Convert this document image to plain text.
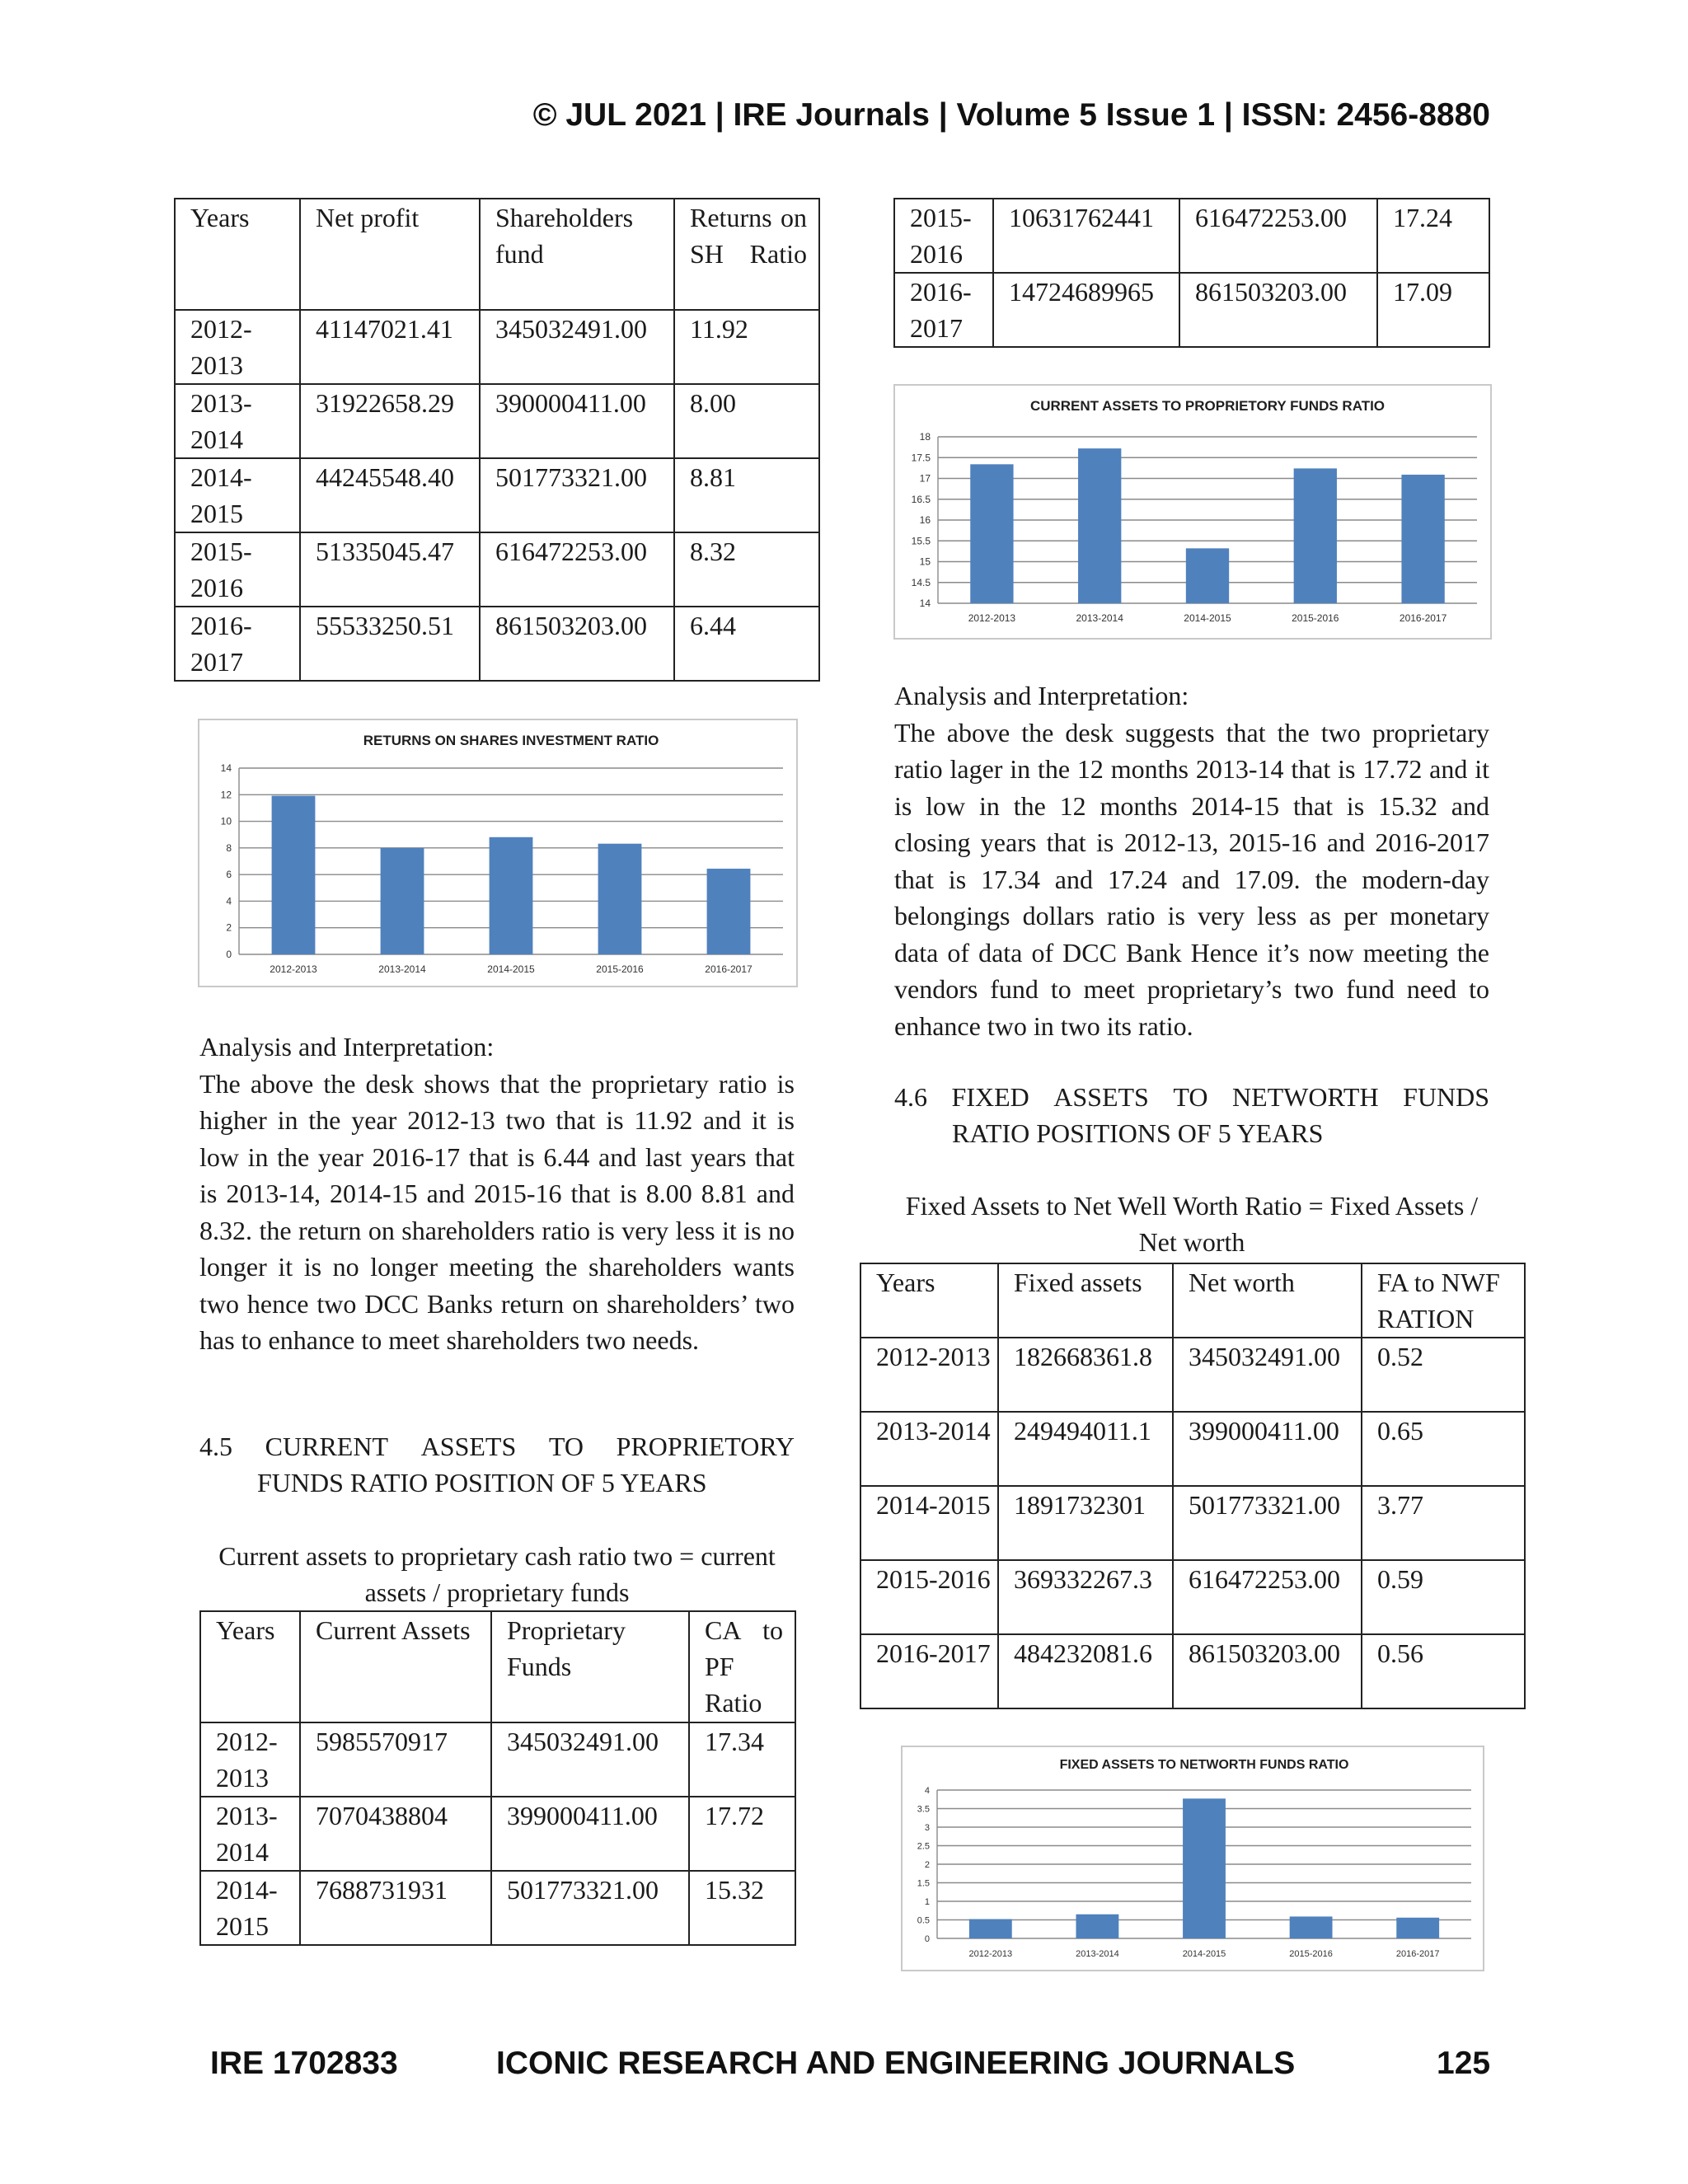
© JUL 2021 | IRE Journals | Volume 5 Issue 1 | ISSN: 2456-8880
Years	Net profit	Shareholders fund	Returns on SH Ratio
2012-2013	41147021.41	345032491.00	11.92
2013-2014	31922658.29	390000411.00	8.00
2014-2015	44245548.40	501773321.00	8.81
2015-2016	51335045.47	616472253.00	8.32
2016-2017	55533250.51	861503203.00	6.44
RETURNS ON SHARES INVESTMENT RATIO
0
2
4
6
8
10
12
14
2012-2013	2013-2014	2014-2015	2015-2016	2016-2017
Analysis and Interpretation:
The above the desk shows that the proprietary ratio is higher in the year 2012-13 two that is 11.92 and it is low in the year 2016-17 that is 6.44 and last years that is 2013-14, 2014-15 and 2015-16 that is 8.00 8.81 and 8.32. the return on shareholders ratio is very less it is no longer it is no longer meeting the shareholders wants two hence two DCC Banks return on shareholders’ two has to enhance to meet shareholders two needs.
4.5 CURRENT ASSETS TO PROPRIETORY
FUNDS RATIO POSITION OF 5 YEARS
Current assets to proprietary cash ratio two = current assets / proprietary funds
Years	Current Assets	Proprietary Funds	CA to PF Ratio
2012-2013	5985570917	345032491.00	17.34
2013-2014	7070438804	399000411.00	17.72
2014-2015	7688731931	501773321.00	15.32
2015-2016	10631762441	616472253.00	17.24
2016-2017	14724689965	861503203.00	17.09
CURRENT ASSETS TO PROPRIETORY FUNDS RATIO
14
14.5
15
15.5
16
16.5
17
17.5
18
2012-2013	2013-2014	2014-2015	2015-2016	2016-2017
Analysis and Interpretation:
The above the desk suggests that the two proprietary ratio lager in the 12 months 2013-14 that is 17.72 and it is low in the 12 months 2014-15 that is 15.32 and closing years that is 2012-13, 2015-16 and 2016-2017 that is 17.34 and 17.24 and 17.09. the modern-day belongings dollars ratio is very less as per monetary data of data of DCC Bank Hence it’s now meeting the vendors fund to meet proprietary’s two fund need to enhance two in two its ratio.
4.6 FIXED ASSETS TO NETWORTH FUNDS
RATIO POSITIONS OF 5 YEARS
Fixed Assets to Net Well Worth Ratio = Fixed Assets / Net worth
Years	Fixed assets	Net worth	FA to NWF RATION
2012-2013	182668361.8	345032491.00	0.52
2013-2014	249494011.1	399000411.00	0.65
2014-2015	1891732301	501773321.00	3.77
2015-2016	369332267.3	616472253.00	0.59
2016-2017	484232081.6	861503203.00	0.56
FIXED ASSETS TO NETWORTH FUNDS RATIO
0
0.5
1
1.5
2
2.5
3
3.5
4
2012-2013	2013-2014	2014-2015	2015-2016	2016-2017
IRE 1702833	ICONIC RESEARCH AND ENGINEERING JOURNALS	125
